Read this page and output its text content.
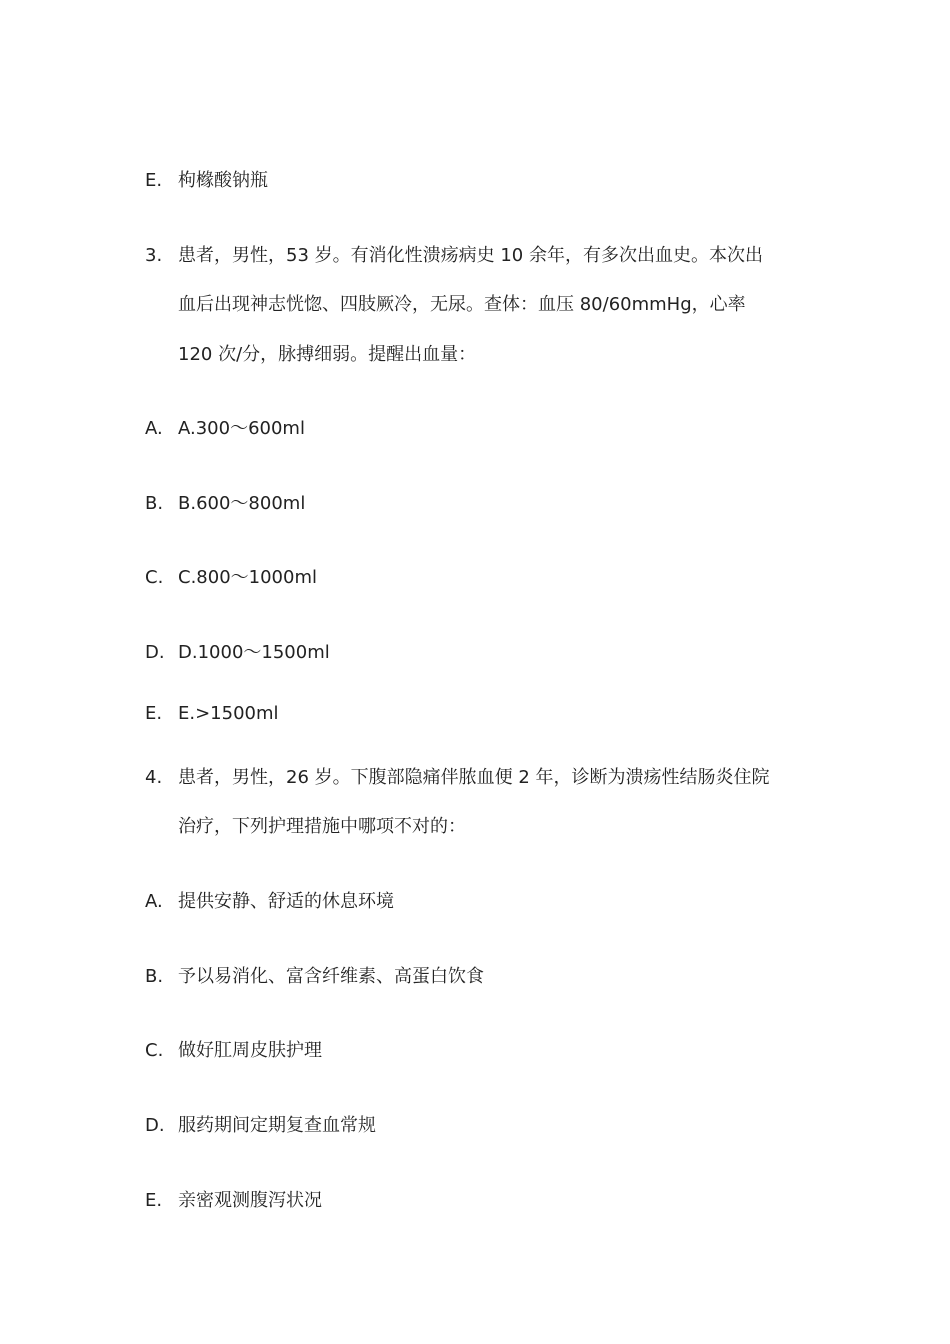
E. 枸橼酸钠瓶
3. 患者，男性，53 岁。有消化性溃疡病史 10 余年，有多次出血史。本次出
血后出现神志恍惚、四肢厥冷，无尿。查体：血压 80/60mmHg，心率
120 次/分，脉搏细弱。提醒出血量：
A. A.300～600ml
B. B.600～800ml
C. C.800～1000ml
D. D.1000～1500ml
E. E.>1500ml
4. 患者，男性，26 岁。下腹部隐痛伴脓血便 2 年，诊断为溃疡性结肠炎住院
治疗，下列护理措施中哪项不对的：
A. 提供安静、舒适的休息环境
B. 予以易消化、富含纤维素、高蛋白饮食
C. 做好肛周皮肤护理
D. 服药期间定期复查血常规
E. 亲密观测腹泻状况
